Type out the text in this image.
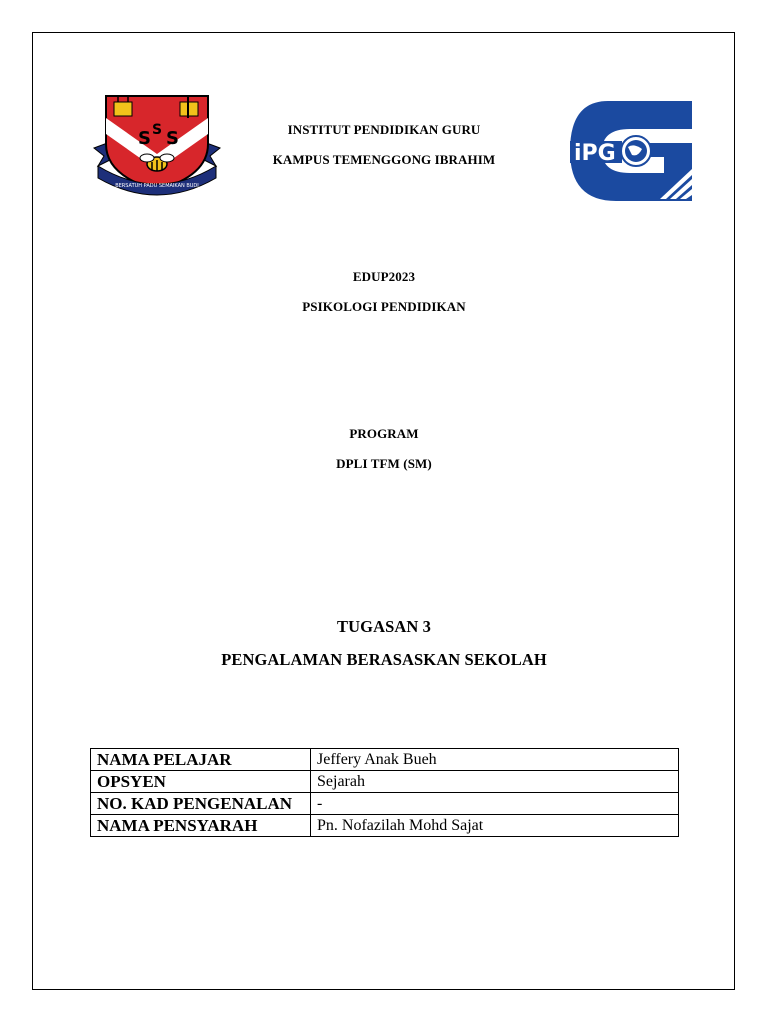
S S
S
BERSATUH PADU SEMAIKAN BUDI
iPG
INSTITUT PENDIDIKAN GURU
KAMPUS TEMENGGONG IBRAHIM
EDUP2023
PSIKOLOGI PENDIDIKAN
PROGRAM
DPLI TFM (SM)
TUGASAN 3
PENGALAMAN BERASASKAN SEKOLAH
NAMA PELAJAR	Jeffery Anak Bueh
OPSYEN	Sejarah
NO. KAD PENGENALAN	-
NAMA PENSYARAH	Pn. Nofazilah Mohd Sajat
